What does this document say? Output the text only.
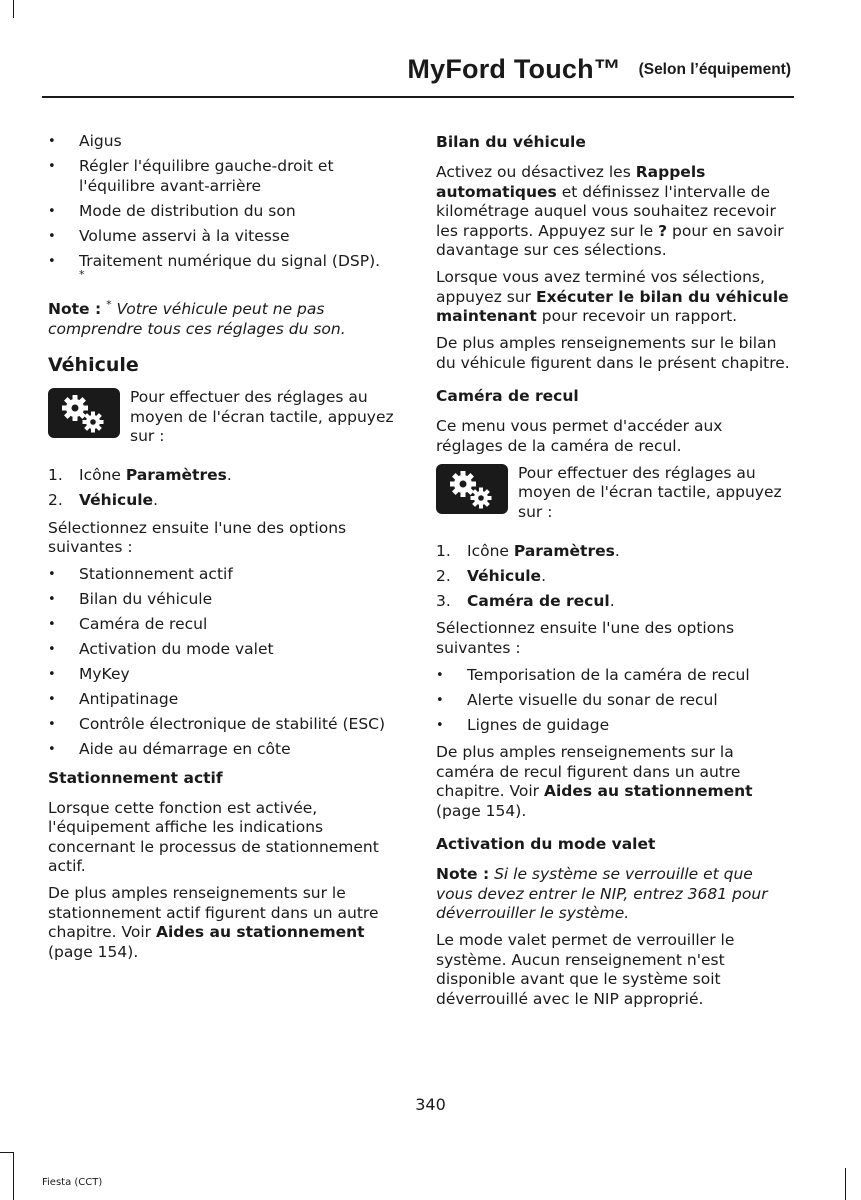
MyFord Touch™ (Selon l’équipement)
• Aigus
• Régler l'équilibre gauche-droit et l'équilibre avant-arrière
• Mode de distribution du son
• Volume asservi à la vitesse
• Traitement numérique du signal (DSP).
*

Note : * Votre véhicule peut ne pas comprendre tous ces réglages du son.

Véhicule

Pour effectuer des réglages au moyen de l'écran tactile, appuyez sur :

1. Icône Paramètres.
2. Véhicule.

Sélectionnez ensuite l'une des options suivantes :

• Stationnement actif
• Bilan du véhicule
• Caméra de recul
• Activation du mode valet
• MyKey
• Antipatinage
• Contrôle électronique de stabilité (ESC)
• Aide au démarrage en côte
Stationnement actif

Lorsque cette fonction est activée, l'équipement affiche les indications concernant le processus de stationnement actif.

De plus amples renseignements sur le stationnement actif figurent dans un autre chapitre. Voir Aides au stationnement (page 154).

Bilan du véhicule

Activez ou désactivez les Rappels automatiques et définissez l'intervalle de kilométrage auquel vous souhaitez recevoir les rapports. Appuyez sur le ? pour en savoir davantage sur ces sélections.

Lorsque vous avez terminé vos sélections, appuyez sur Exécuter le bilan du véhicule maintenant pour recevoir un rapport.

De plus amples renseignements sur le bilan du véhicule figurent dans le présent chapitre.

Caméra de recul

Ce menu vous permet d'accéder aux réglages de la caméra de recul.

Pour effectuer des réglages au moyen de l'écran tactile, appuyez sur :

1. Icône Paramètres.
2. Véhicule.
3. Caméra de recul.

Sélectionnez ensuite l'une des options suivantes :

• Temporisation de la caméra de recul
• Alerte visuelle du sonar de recul
• Lignes de guidage

De plus amples renseignements sur la caméra de recul figurent dans un autre chapitre. Voir Aides au stationnement (page 154).

Activation du mode valet

Note : Si le système se verrouille et que vous devez entrer le NIP, entrez 3681 pour déverrouiller le système.

Le mode valet permet de verrouiller le système. Aucun renseignement n'est disponible avant que le système soit déverrouillé avec le NIP approprié.

340
Fiesta (CCT)
